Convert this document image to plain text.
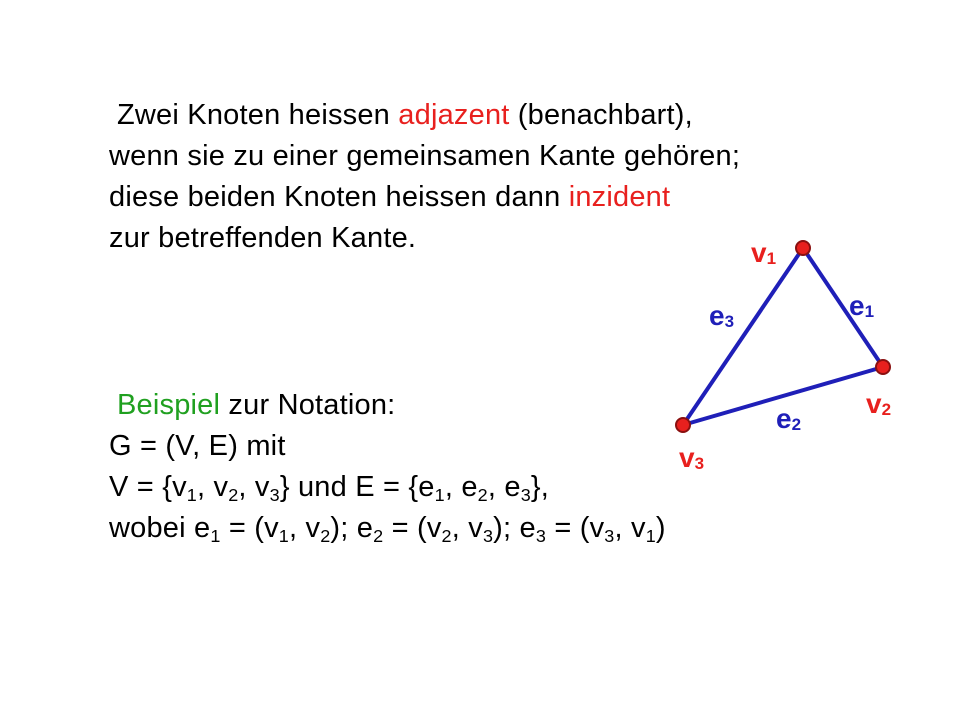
Zwei Knoten heissen adjazent (benachbart),
wenn sie zu einer gemeinsamen Kante gehören;
diese beiden Knoten heissen dann inzident
zur betreffenden Kante.
Beispiel zur Notation:
G = (V, E) mit
$V = \{v_1$, $v_2$, $v_3$} und $E = \{e_1$, $e_2$, $e_3$},
wobei $e_1 = (v_1$, $v_2$); $e_2 = (v_2$, $v_3$); $e_3 = (v_3$, $v_1$)
v1
v2
v3
e1
e2
e3
